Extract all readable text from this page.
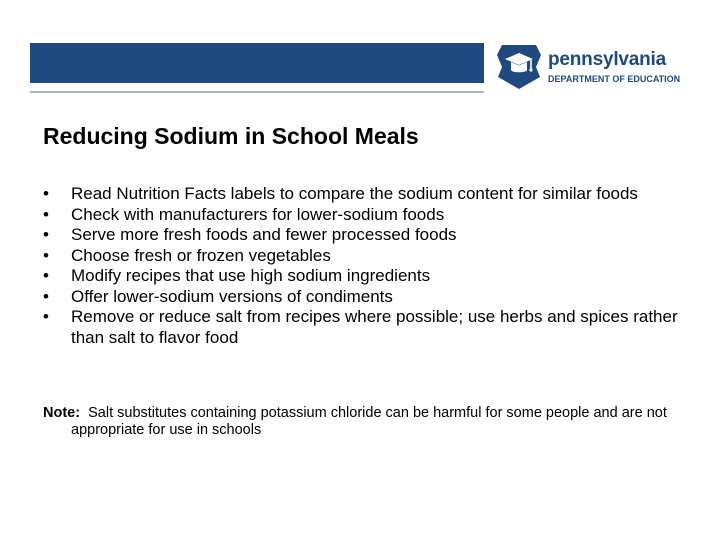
pennsylvania
DEPARTMENT OF EDUCATION
Reducing Sodium in School Meals
• Read Nutrition Facts labels to compare the sodium content for similar foods
• Check with manufacturers for lower-sodium foods
• Serve more fresh foods and fewer processed foods
• Choose fresh or frozen vegetables
• Modify recipes that use high sodium ingredients
• Offer lower-sodium versions of condiments
• Remove or reduce salt from recipes where possible; use herbs and spices rather than salt to flavor food
Note: Salt substitutes containing potassium chloride can be harmful for some people and are not appropriate for use in schools
